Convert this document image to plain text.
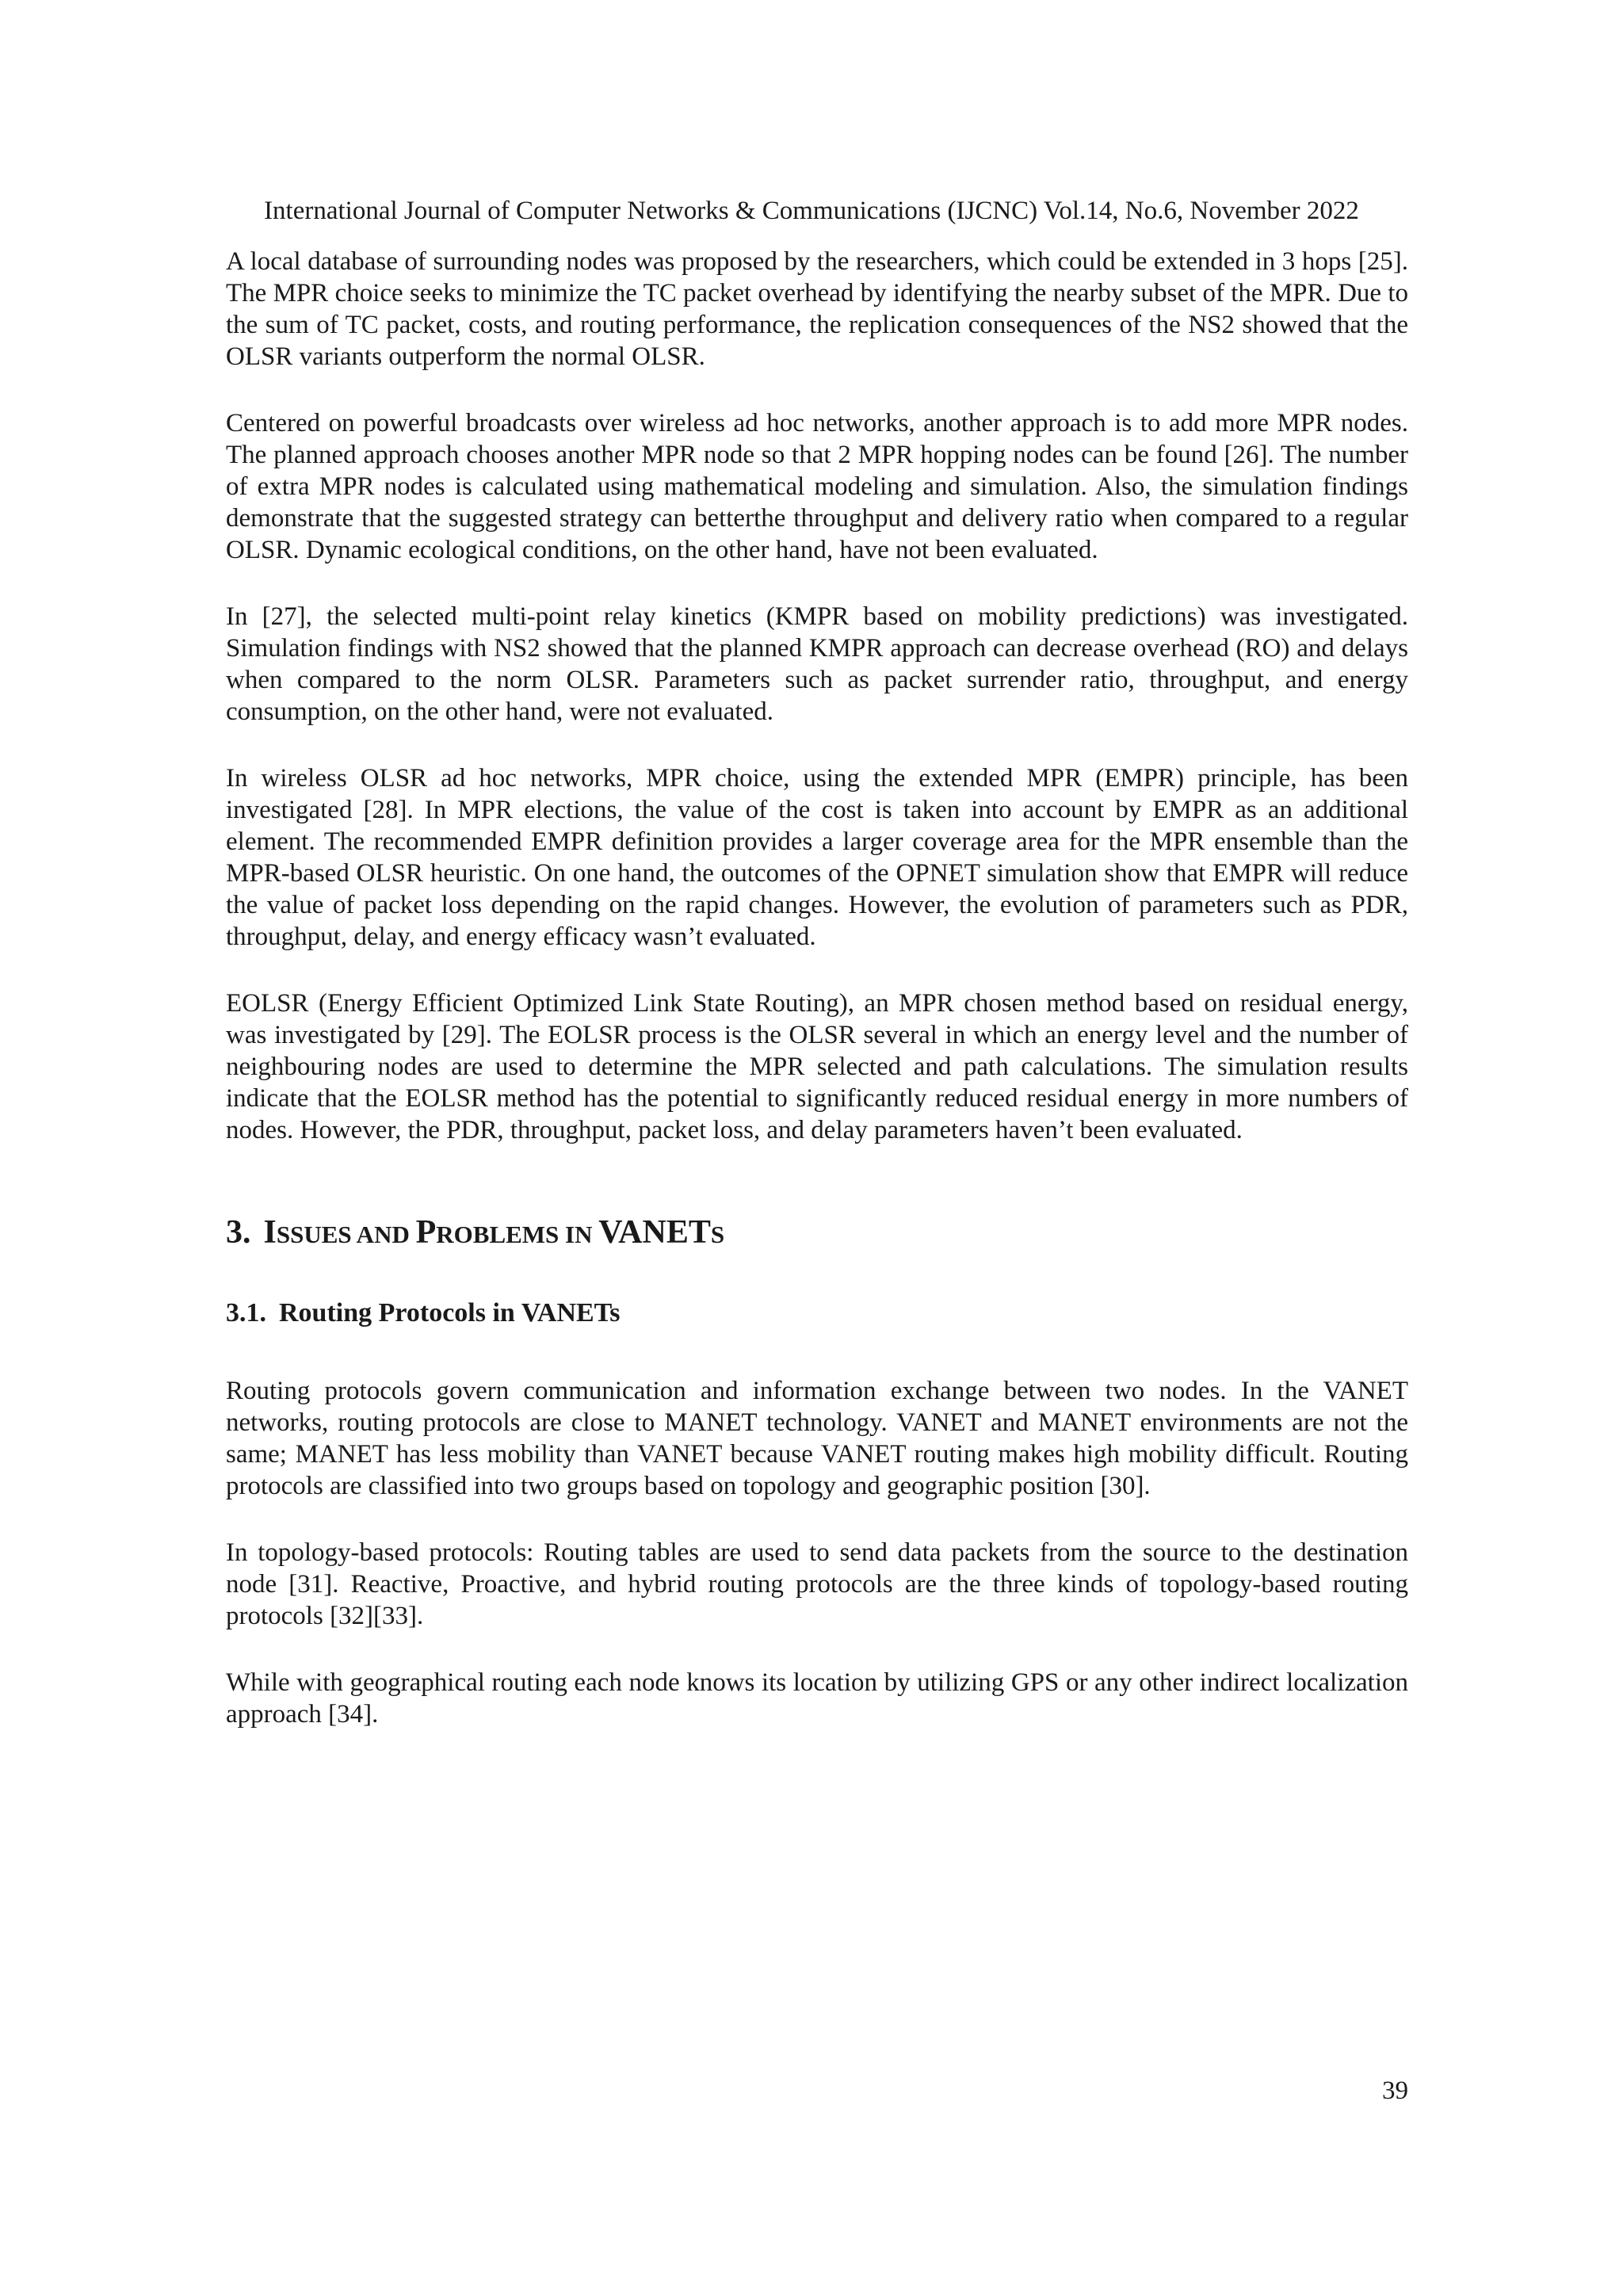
International Journal of Computer Networks & Communications (IJCNC) Vol.14, No.6, November 2022

A local database of surrounding nodes was proposed by the researchers, which could be extended in 3 hops [25]. The MPR choice seeks to minimize the TC packet overhead by identifying the nearby subset of the MPR. Due to the sum of TC packet, costs, and routing performance, the replication consequences of the NS2 showed that the OLSR variants outperform the normal OLSR.

Centered on powerful broadcasts over wireless ad hoc networks, another approach is to add more MPR nodes. The planned approach chooses another MPR node so that 2 MPR hopping nodes can be found [26]. The number of extra MPR nodes is calculated using mathematical modeling and simulation. Also, the simulation findings demonstrate that the suggested strategy can betterthe throughput and delivery ratio when compared to a regular OLSR. Dynamic ecological conditions, on the other hand, have not been evaluated.

In [27], the selected multi-point relay kinetics (KMPR based on mobility predictions) was investigated. Simulation findings with NS2 showed that the planned KMPR approach can decrease overhead (RO) and delays when compared to the norm OLSR. Parameters such as packet surrender ratio, throughput, and energy consumption, on the other hand, were not evaluated.

In wireless OLSR ad hoc networks, MPR choice, using the extended MPR (EMPR) principle, has been investigated [28]. In MPR elections, the value of the cost is taken into account by EMPR as an additional element. The recommended EMPR definition provides a larger coverage area for the MPR ensemble than the MPR-based OLSR heuristic. On one hand, the outcomes of the OPNET simulation show that EMPR will reduce the value of packet loss depending on the rapid changes. However, the evolution of parameters such as PDR, throughput, delay, and energy efficacy wasn’t evaluated.

EOLSR (Energy Efficient Optimized Link State Routing), an MPR chosen method based on residual energy, was investigated by [29]. The EOLSR process is the OLSR several in which an energy level and the number of neighbouring nodes are used to determine the MPR selected and path calculations. The simulation results indicate that the EOLSR method has the potential to significantly reduced residual energy in more numbers of nodes. However, the PDR, throughput, packet loss, and delay parameters haven’t been evaluated.

3. ISSUES AND PROBLEMS IN VANETS
3.1. Routing Protocols in VANETs

Routing protocols govern communication and information exchange between two nodes. In the VANET networks, routing protocols are close to MANET technology. VANET and MANET environments are not the same; MANET has less mobility than VANET because VANET routing makes high mobility difficult. Routing protocols are classified into two groups based on topology and geographic position [30].

In topology-based protocols: Routing tables are used to send data packets from the source to the destination node [31]. Reactive, Proactive, and hybrid routing protocols are the three kinds of topology-based routing protocols [32][33].

While with geographical routing each node knows its location by utilizing GPS or any other indirect localization approach [34].

39
